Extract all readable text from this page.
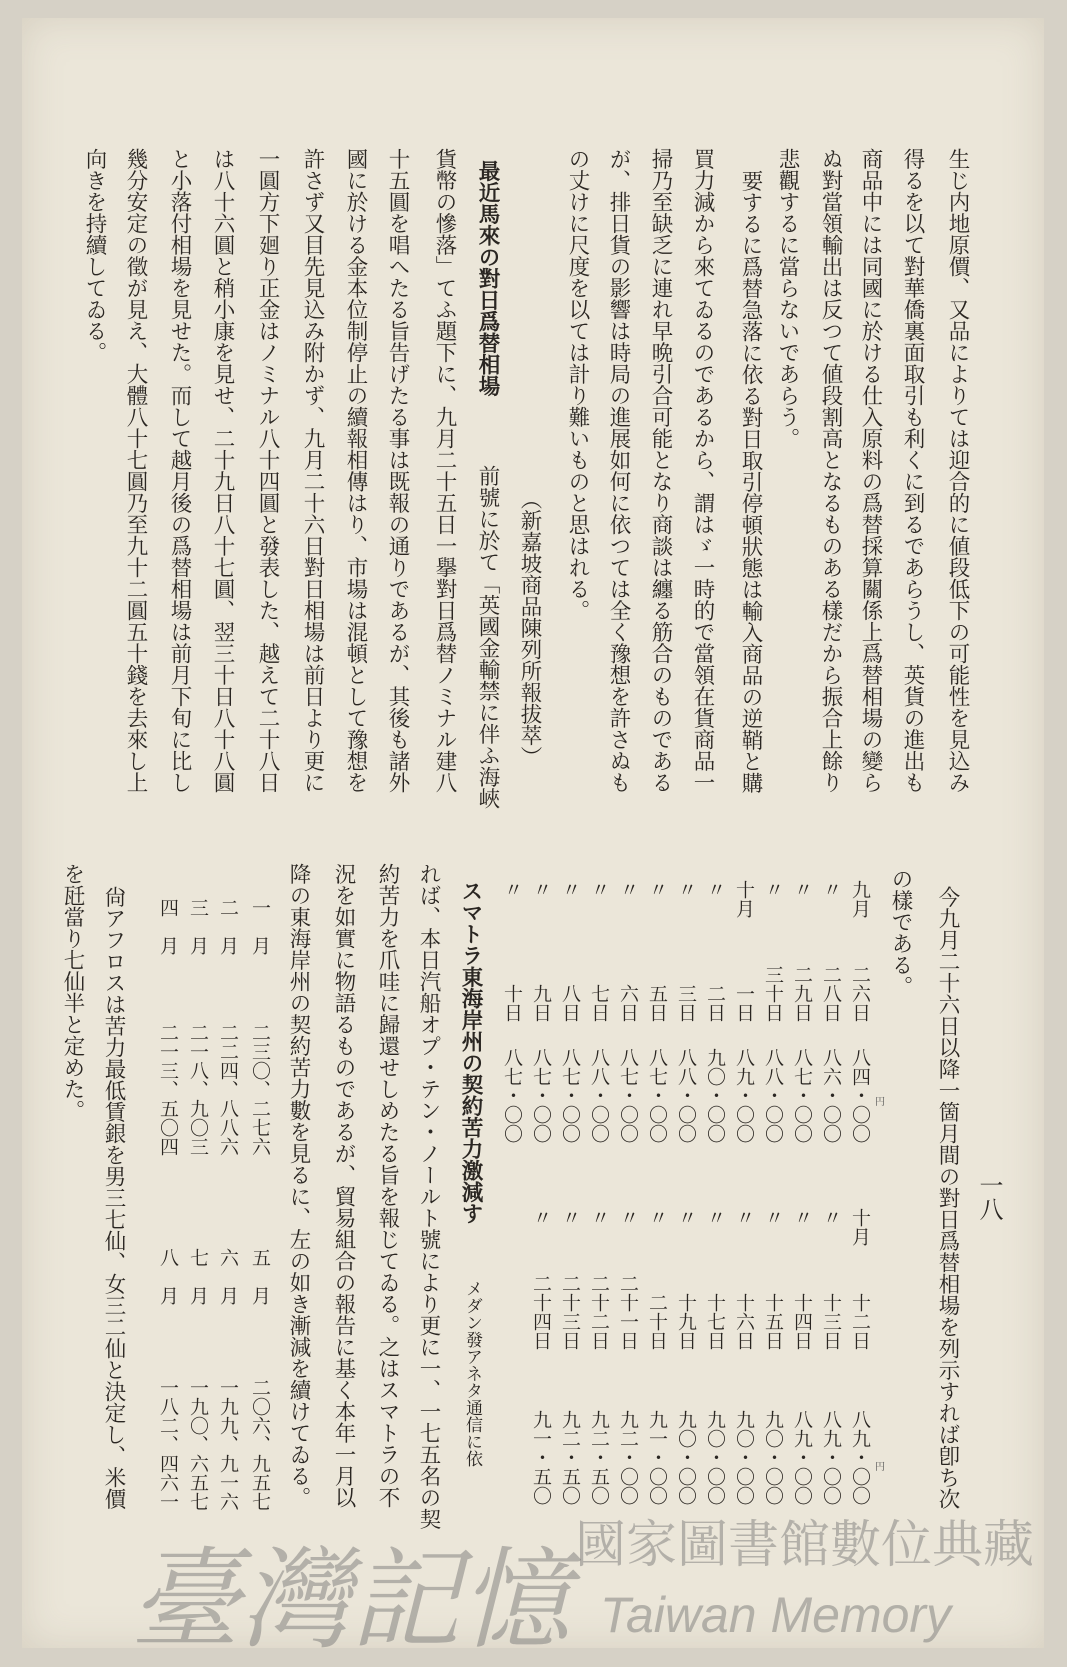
生じ内地原價、又品によりては迎合的に値段低下の可能性を見込み
得るを以て對華僑裏面取引も利くに到るであらうし、英貨の進出も
商品中には同國に於ける仕入原料の爲替採算關係上爲替相場の變ら
ぬ對當領輸出は反つて値段割高となるものある樣だから振合上餘り
悲觀するに當らないであらう。
要するに爲替急落に依る對日取引停頓狀態は輸入商品の逆鞘と購
買力減から來てゐるのであるから、謂はゞ一時的で當領在貨商品一
掃乃至缺乏に連れ早晩引合可能となり商談は纏る筋合のものである
が、排日貨の影響は時局の進展如何に依つては全く豫想を許さぬも
の丈けに尺度を以ては計り難いものと思はれる。
（新嘉坡商品陳列所報拔萃）
最近馬來の對日爲替相場
前號に於て「英國金輸禁に伴ふ海峽
貨幣の慘落」てふ題下に、九月二十五日一擧對日爲替ノミナル建八
十五圓を唱へたる旨告げたる事は既報の通りであるが、其後も諸外
國に於ける金本位制停止の續報相傳はり、市場は混頓として豫想を
許さず又目先見込み附かず、九月二十六日對日相場は前日より更に
一圓方下廻り正金はノミナル八十四圓と發表した、越えて二十八日
は八十六圓と稍小康を見せ、二十九日八十七圓、翌三十日八十八圓
と小落付相場を見せた。而して越月後の爲替相場は前月下旬に比し
幾分安定の徵が見え、大體八十七圓乃至九十二圓五十錢を去來し上
向きを持續してゐる。
今九月二十六日以降一箇月間の對日爲替相場を列示すれば卽ち次
の樣である。
一八
九月
二六日
八四・〇〇
〃
二八日
八六・〇〇
〃
二九日
八七・〇〇
〃
三十日
八八・〇〇
十月
一日
八九・〇〇
〃
二日
九〇・〇〇
〃
三日
八八・〇〇
〃
五日
八七・〇〇
〃
六日
八七・〇〇
〃
七日
八八・〇〇
〃
八日
八七・〇〇
〃
九日
八七・〇〇
〃
十日
八七・〇〇
十月
十二日
八九・〇〇
〃
十三日
八九・〇〇
〃
十四日
八九・〇〇
〃
十五日
九〇・〇〇
〃
十六日
九〇・〇〇
〃
十七日
九〇・〇〇
〃
十九日
九〇・〇〇
〃
二十日
九一・〇〇
〃
二十一日
九二・〇〇
〃
二十二日
九二・五〇
〃
二十三日
九二・五〇
〃
二十四日
九一・五〇
円
円
スマトラ東海岸州の契約苦力激減す
メダン發アネタ通信に依
れば、本日汽船オプ・テン・ノールト號により更に一、一七五名の契
約苦力を爪哇に歸還せしめたる旨を報じてゐる。之はスマトラの不
況を如實に物語るものであるが、貿易組合の報告に基く本年一月以
降の東海岸州の契約苦力數を見るに、左の如き漸減を續けてゐる。
一　月
二三〇、二七六
五　月
二〇六、九五七
二　月
二二四、八八六
六　月
一九九、九一六
三　月
二一八、九〇三
七　月
一九〇、六五七
四　月
二一三、五〇四
八　月
一八二、四六一
尙アフロスは苦力最低賃銀を男三七仙、女三二仙と決定し、米價
を瓩當り七仙半と定めた。
臺灣記憶 Taiwan Memory
國家圖書館數位典藏
